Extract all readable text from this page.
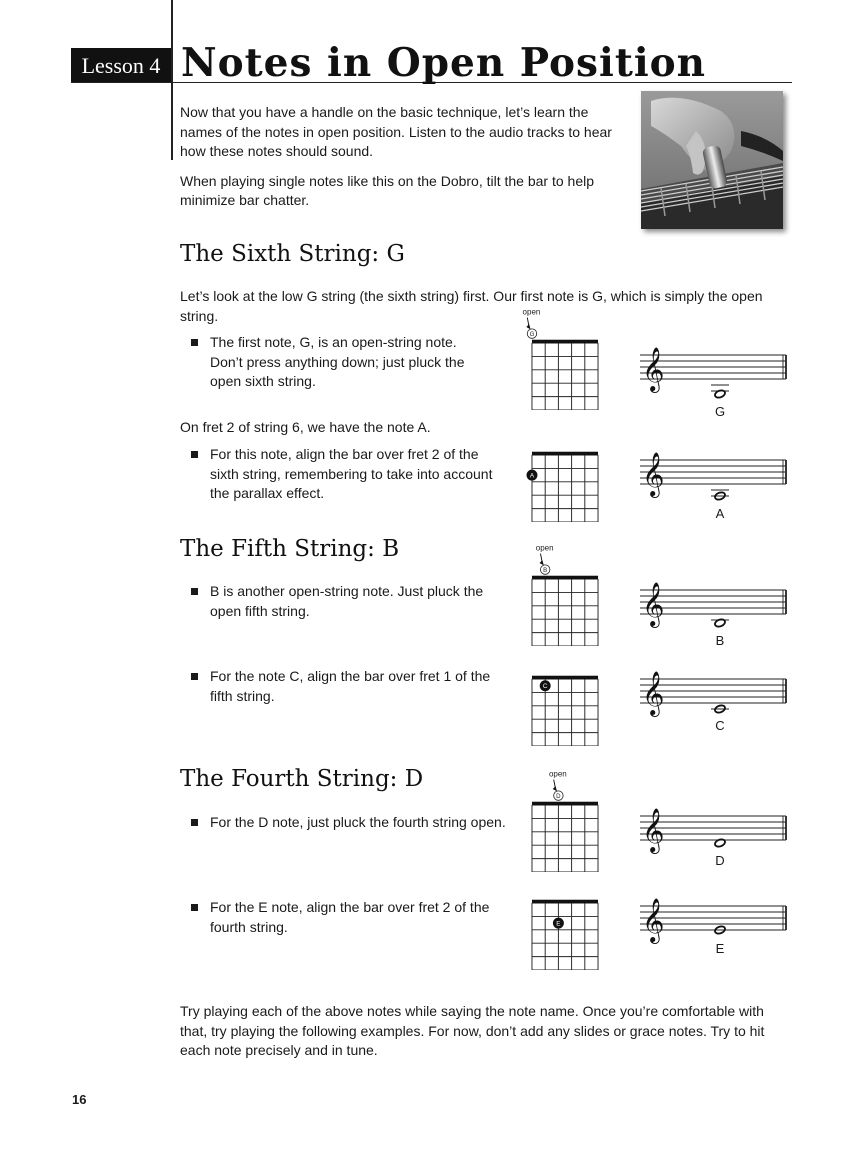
Lesson 4 Notes in Open Position

Now that you have a handle on the basic technique, let’s learn the names of the notes in open position. Listen to the audio tracks to hear how these notes should sound.

When playing single notes like this on the Dobro, tilt the bar to help minimize bar chatter.

The Sixth String: G
Let’s look at the low G string (the sixth string) first. Our first note is G, which is simply the open string.
The first note, G, is an open-string note. Don’t press anything down; just pluck the open sixth string.
On fret 2 of string 6, we have the note A.
For this note, align the bar over fret 2 of the sixth string, remembering to take into account the parallax effect.
The Fifth String: B
B is another open-string note. Just pluck the open fifth string.
For the note C, align the bar over fret 1 of the fifth string.
The Fourth String: D
For the D note, just pluck the fourth string open.
For the E note, align the bar over fret 2 of the fourth string.
open
G
A
open
B
C
open
D
E
𝄞
𝄞
𝄞
𝄞
𝄞
𝄞
G
A
B
C
D
E
Try playing each of the above notes while saying the note name. Once you’re comfortable with that, try playing the following examples. For now, don’t add any slides or grace notes. Try to hit each note precisely and in tune.
16
